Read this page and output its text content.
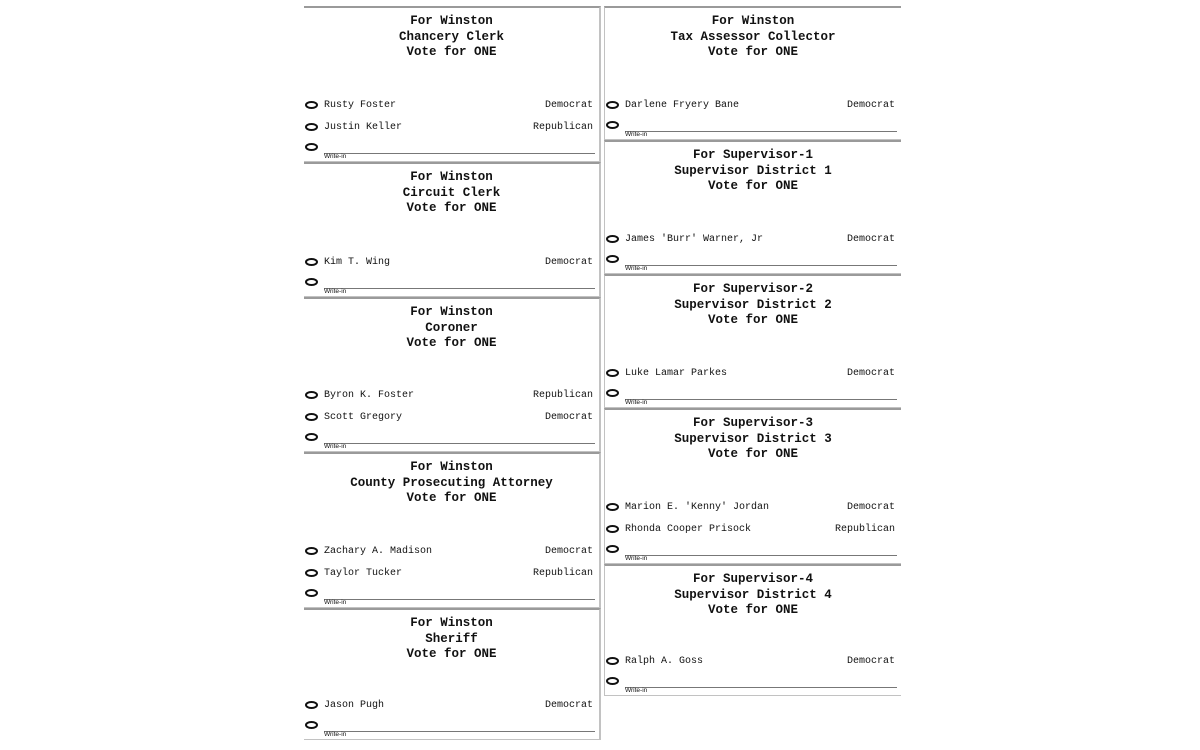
For Winston
Chancery Clerk
Vote for ONE
Rusty Foster	Democrat
Justin Keller	Republican
Write-in
For Winston
Circuit Clerk
Vote for ONE
Kim T. Wing	Democrat
Write-in
For Winston
Coroner
Vote for ONE
Byron K. Foster	Republican
Scott Gregory	Democrat
Write-in
For Winston
County Prosecuting Attorney
Vote for ONE
Zachary A. Madison	Democrat
Taylor Tucker	Republican
Write-in
For Winston
Sheriff
Vote for ONE
Jason Pugh	Democrat
Write-in
For Winston
Tax Assessor Collector
Vote for ONE
Darlene Fryery Bane	Democrat
Write-in
For Supervisor-1
Supervisor District 1
Vote for ONE
James 'Burr' Warner, Jr	Democrat
Write-in
For Supervisor-2
Supervisor District 2
Vote for ONE
Luke Lamar Parkes	Democrat
Write-in
For Supervisor-3
Supervisor District 3
Vote for ONE
Marion E. 'Kenny' Jordan	Democrat
Rhonda Cooper Prisock	Republican
Write-in
For Supervisor-4
Supervisor District 4
Vote for ONE
Ralph A. Goss	Democrat
Write-in
